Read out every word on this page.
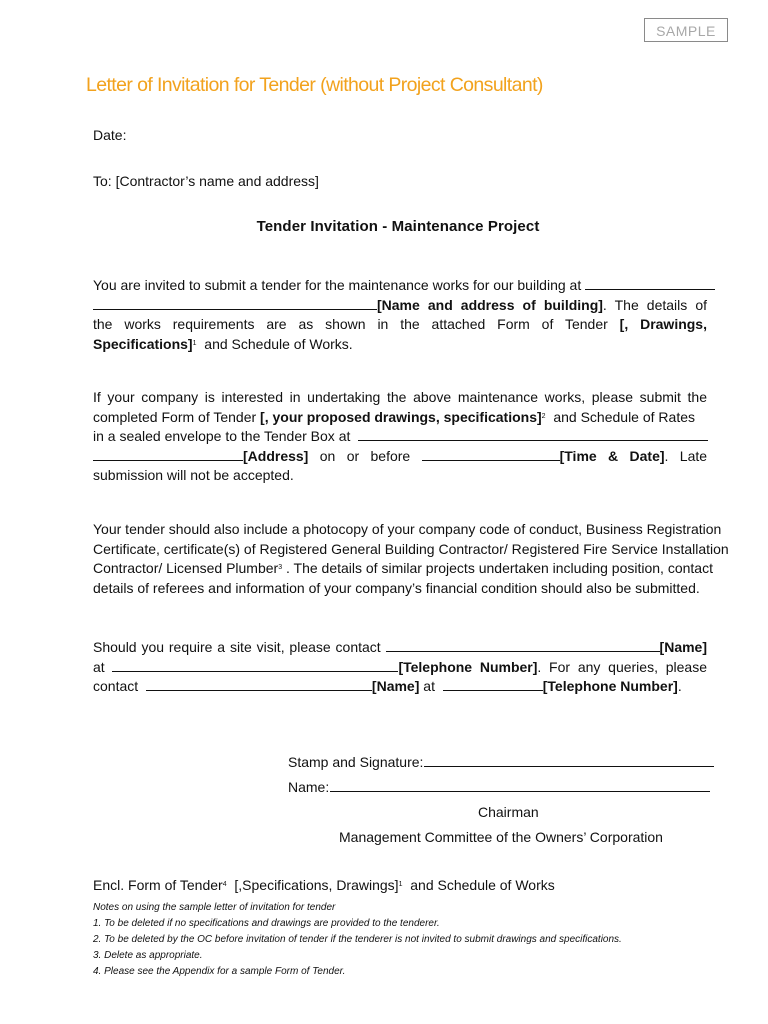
SAMPLE
Letter of Invitation for Tender (without Project Consultant)
Date:
To: [Contractor’s name and address]
Tender Invitation - Maintenance Project
You are invited to submit a tender for the maintenance works for our building at
[Name and address of building]. The details of
the works requirements are as shown in the attached Form of Tender [, Drawings,
Specifications]$^1$ and Schedule of Works.
If your company is interested in undertaking the above maintenance works, please submit the
completed Form of Tender [, your proposed drawings, specifications]$^2$ and Schedule of Rates
in a sealed envelope to the Tender Box at
[Address] on or before	[Time & Date]. Late
submission will not be accepted.
Your tender should also include a photocopy of your company code of conduct, Business Registration
Certificate, certificate(s) of Registered General Building Contractor/ Registered Fire Service Installation
Contractor/ Licensed Plumber$^3$ . The details of similar projects undertaken including position, contact
details of referees and information of your company’s financial condition should also be submitted.
Should you require a site visit, please contact	[Name]
at	[Telephone Number]. For any queries, please
contact	[Name] at	[Telephone Number].
Stamp and Signature:
Name:
Chairman
Management Committee of the Owners’ Corporation
Encl. Form of Tender$^4$ [,Specifications, Drawings]$^1$ and Schedule of Works
Notes on using the sample letter of invitation for tender
1. To be deleted if no specifications and drawings are provided to the tenderer.
2. To be deleted by the OC before invitation of tender if the tenderer is not invited to submit drawings and specifications.
3. Delete as appropriate.
4. Please see the Appendix for a sample Form of Tender.
